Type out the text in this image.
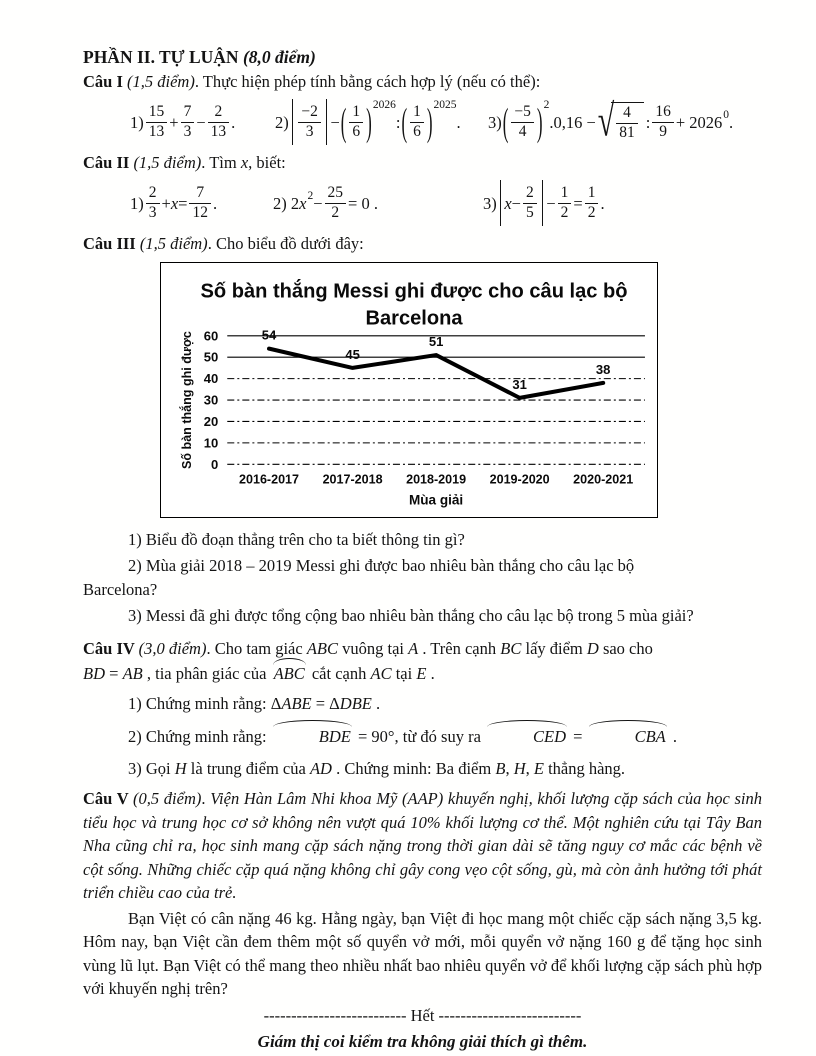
PHẦN II. TỰ LUẬN (8,0 điểm)

Câu I (1,5 điểm). Thực hiện phép tính bằng cách hợp lý (nếu có thể):

$1) \frac{15}{13} + \frac{7}{3} - \frac{2}{13}$ . $2) \frac{-2}{3}$ − ( $\frac{1}{6}$ ) 2026
: ( $\frac{1}{6}$ ) 2025
. 3) ( $\frac{-5}{4}$ ) 2
.0,16 − √ $\frac{4}{81}$ : $\frac{16}{9} + 2026$ 0 .

Câu II (1,5 điểm). Tìm x, biết:

$1) \frac{2}{3} + x = \frac{7}{12}$ .	2) 2 x $2 - \frac{25}{2} = 0$ .	3) $x - \frac{2}{5} - \frac{1}{2} = \frac{1}{2}$ .

Câu III (1,5 điểm). Cho biểu đồ dưới đây:

Số bàn thắng Messi ghi được cho câu lạc bộ
Barcelona
0
10
20
30
40
50
60	54
45
51
31
38
2016-2017 2017-2018 2018-2019 2019-2020 2020-2021
Mùa giải
Số bàn thắng ghi được

1) Biểu đồ đoạn thẳng trên cho ta biết thông tin gì?

2) Mùa giải 2018 – 2019 Messi ghi được bao nhiêu bàn thắng cho câu lạc bộ
Barcelona?

3) Messi đã ghi được tổng cộng bao nhiêu bàn thắng cho câu lạc bộ trong 5 mùa giải?

Câu IV (3,0 điểm). Cho tam giác ABC vuông tại A . Trên cạnh BC lấy điểm D sao cho
BD = AB , tia phân giác của ABC cắt cạnh AC tại E .

1) Chứng minh rằng: ΔABE = ΔDBE .

2) Chứng minh rằng:	BDE = 90°, từ đó suy ra	CED =	CBA .

3) Gọi H là trung điểm của AD . Chứng minh: Ba điểm B, H, E thẳng hàng.

Câu V (0,5 điểm). Viện Hàn Lâm Nhi khoa Mỹ (AAP) khuyến nghị, khối lượng cặp sách của học sinh tiểu học và trung học cơ sở không nên vượt quá 10% khối lượng cơ thể. Một nghiên cứu tại Tây Ban Nha cũng chỉ ra, học sinh mang cặp sách nặng trong thời gian dài sẽ tăng nguy cơ mắc các bệnh về cột sống. Những chiếc cặp quá nặng không chỉ gây cong vẹo cột sống, gù, mà còn ảnh hưởng tới phát triển chiều cao của trẻ.

Bạn Việt có cân nặng 46 kg. Hằng ngày, bạn Việt đi học mang một chiếc cặp sách nặng 3,5 kg. Hôm nay, bạn Việt cần đem thêm một số quyển vở mới, mỗi quyển vở nặng 160 g để tặng học sinh vùng lũ lụt. Bạn Việt có thể mang theo nhiều nhất bao nhiêu quyển vở để khối lượng cặp sách phù hợp với khuyến nghị trên?

-------------------------- Hết --------------------------

Giám thị coi kiểm tra không giải thích gì thêm.
